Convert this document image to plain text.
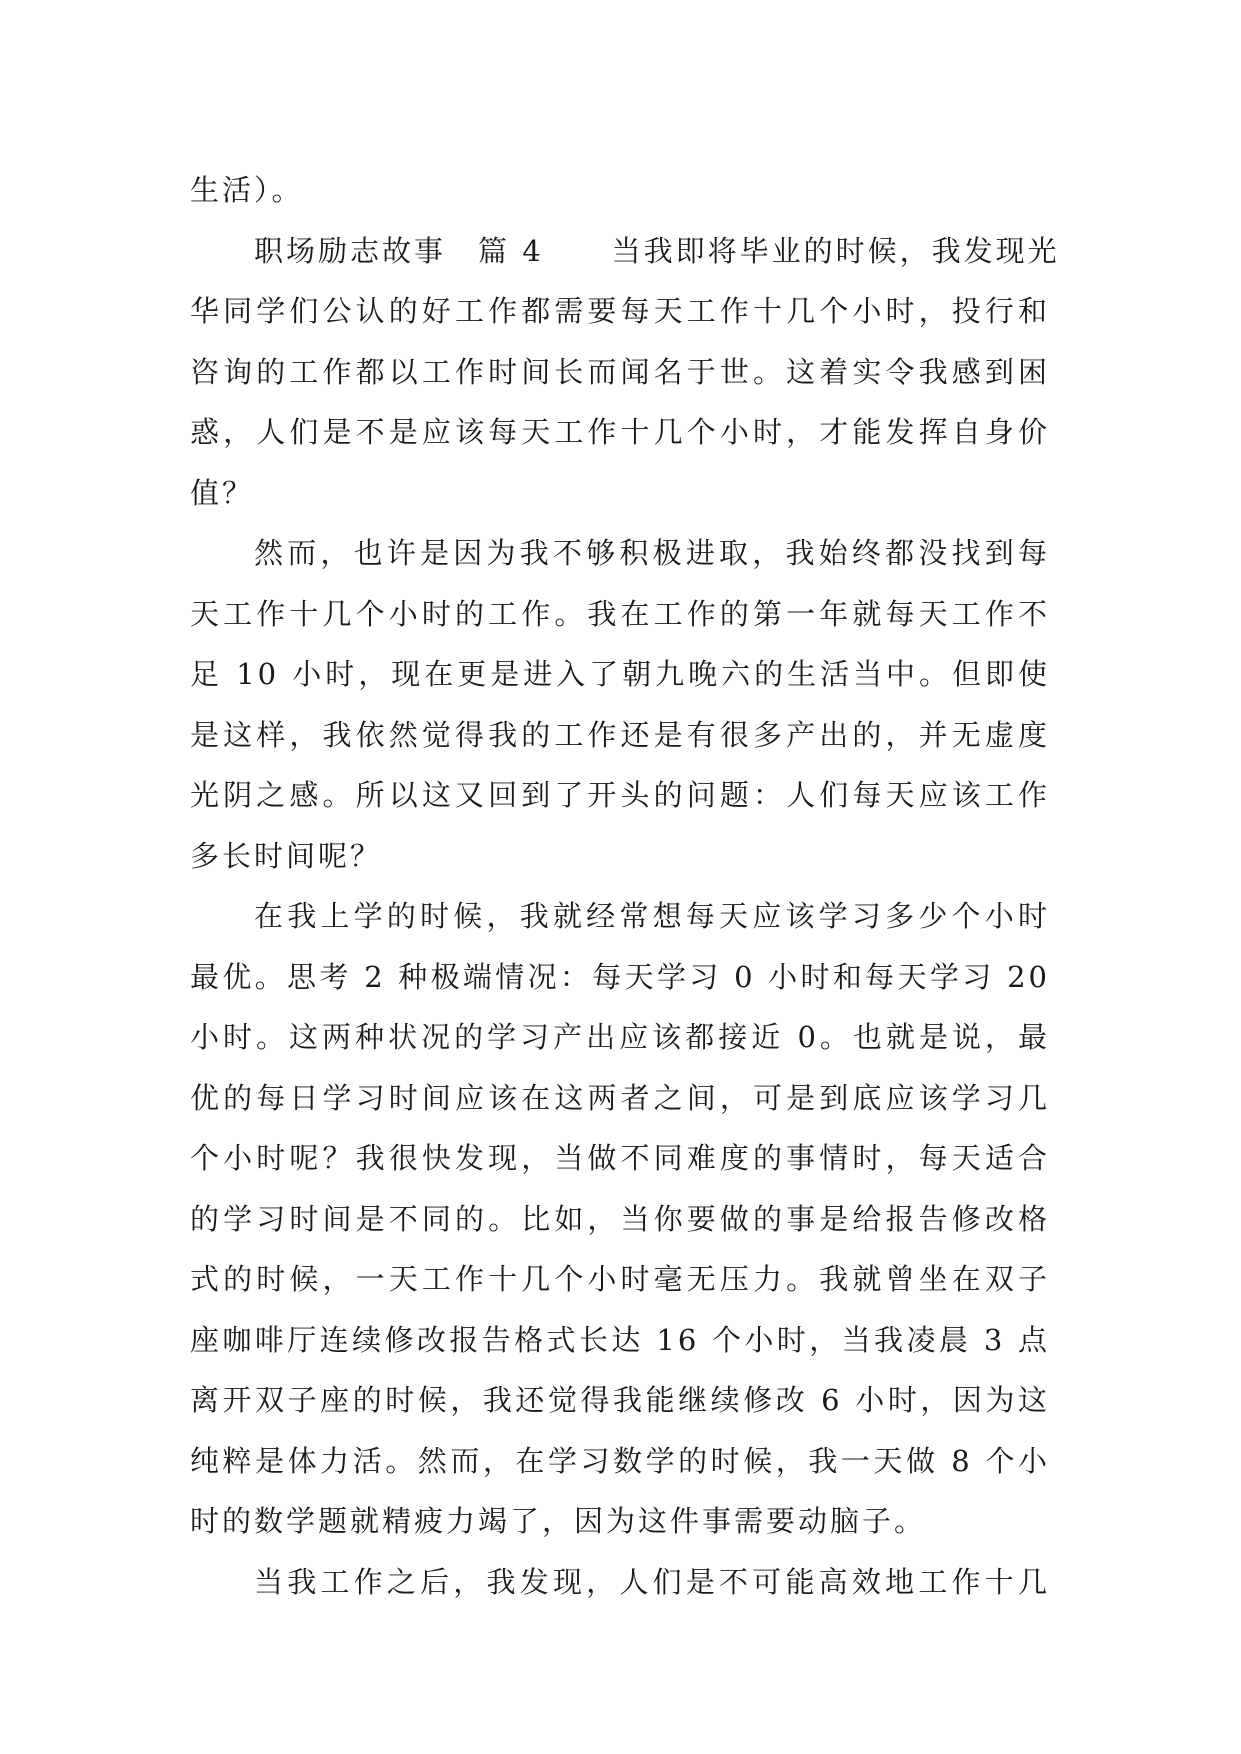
生活）。
职场励志故事　篇 4 当我即将毕业的时候，我发现光
华同学们公认的好工作都需要每天工作十几个小时，投行和
咨询的工作都以工作时间长而闻名于世。这着实令我感到困
惑，人们是不是应该每天工作十几个小时，才能发挥自身价
值？
然而，也许是因为我不够积极进取，我始终都没找到每
天工作十几个小时的工作。我在工作的第一年就每天工作不
足 10 小时，现在更是进入了朝九晚六的生活当中。但即使
是这样，我依然觉得我的工作还是有很多产出的，并无虚度
光阴之感。所以这又回到了开头的问题：人们每天应该工作
多长时间呢？
在我上学的时候，我就经常想每天应该学习多少个小时
最优。思考 2 种极端情况：每天学习 0 小时和每天学习 20
小时。这两种状况的学习产出应该都接近 0。也就是说，最
优的每日学习时间应该在这两者之间，可是到底应该学习几
个小时呢？我很快发现，当做不同难度的事情时，每天适合
的学习时间是不同的。比如，当你要做的事是给报告修改格
式的时候，一天工作十几个小时毫无压力。我就曾坐在双子
座咖啡厅连续修改报告格式长达 16 个小时，当我凌晨 3 点
离开双子座的时候，我还觉得我能继续修改 6 小时，因为这
纯粹是体力活。然而，在学习数学的时候，我一天做 8 个小
时的数学题就精疲力竭了，因为这件事需要动脑子。
当我工作之后，我发现，人们是不可能高效地工作十几
